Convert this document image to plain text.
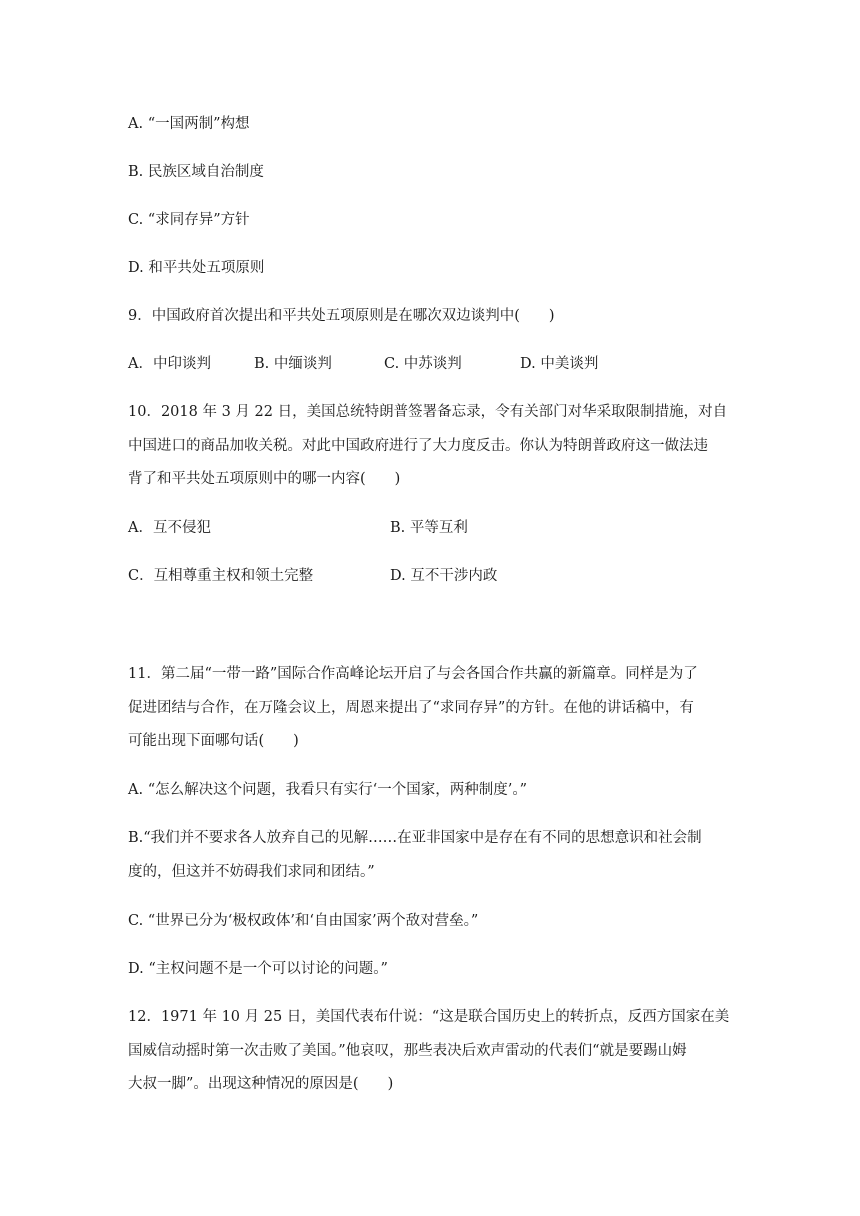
A. “一国两制”构想
B. 民族区域自治制度
C. “求同存异”方针
D. 和平共处五项原则
9．中国政府首次提出和平共处五项原则是在哪次双边谈判中(　　)
A．中印谈判	B. 中缅谈判	C. 中苏谈判	D. 中美谈判
10．2018 年 3 月 22 日，美国总统特朗普签署备忘录，令有关部门对华采取限制措施，对自
中国进口的商品加收关税。对此中国政府进行了大力度反击。你认为特朗普政府这一做法违
背了和平共处五项原则中的哪一内容(　　)
A．互不侵犯	B. 平等互利
C．互相尊重主权和领土完整	D. 互不干涉内政
11．第二届“一带一路”国际合作高峰论坛开启了与会各国合作共赢的新篇章。同样是为了
促进团结与合作，在万隆会议上，周恩来提出了“求同存异”的方针。在他的讲话稿中，有
可能出现下面哪句话(　　)
A. “怎么解决这个问题，我看只有实行‘一个国家，两种制度’。”
B.“我们并不要求各人放弃自己的见解……在亚非国家中是存在有不同的思想意识和社会制
度的，但这并不妨碍我们求同和团结。”
C. “世界已分为‘极权政体’和‘自由国家’两个敌对营垒。”
D. “主权问题不是一个可以讨论的问题。”
12．1971 年 10 月 25 日，美国代表布什说：“这是联合国历史上的转折点，反西方国家在美
国威信动摇时第一次击败了美国。”他哀叹，那些表决后欢声雷动的代表们“就是要踢山姆
大叔一脚”。出现这种情况的原因是(　　)
